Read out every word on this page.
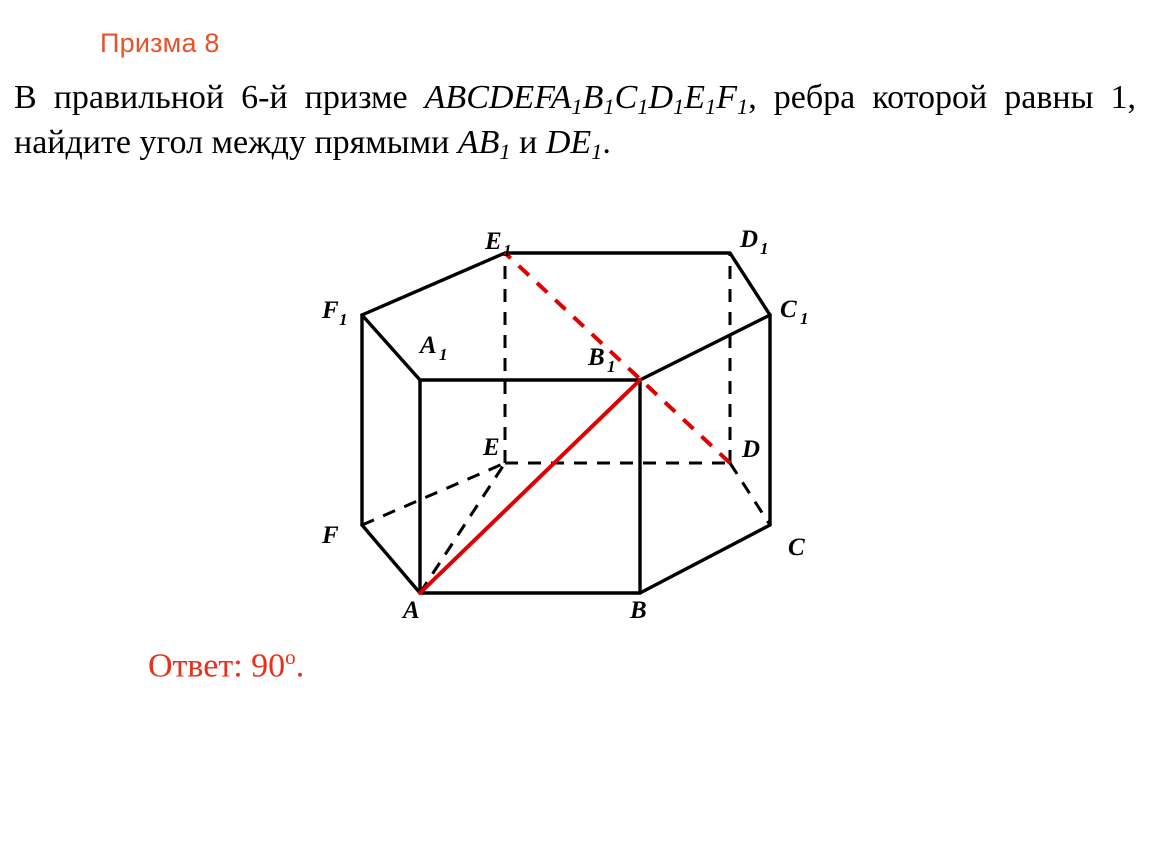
Призма 8
В правильной 6-й призме $ABCDEFA_1B_1C_1D_1E_1F_1$, ребра которой равны 1, найдите угол между прямыми $AB_1$ и $DE_1$.
E 1	D 1
F 1	C 1
A 1	B 1
E	D
F	C
A	B
Ответ: $90^о$.
